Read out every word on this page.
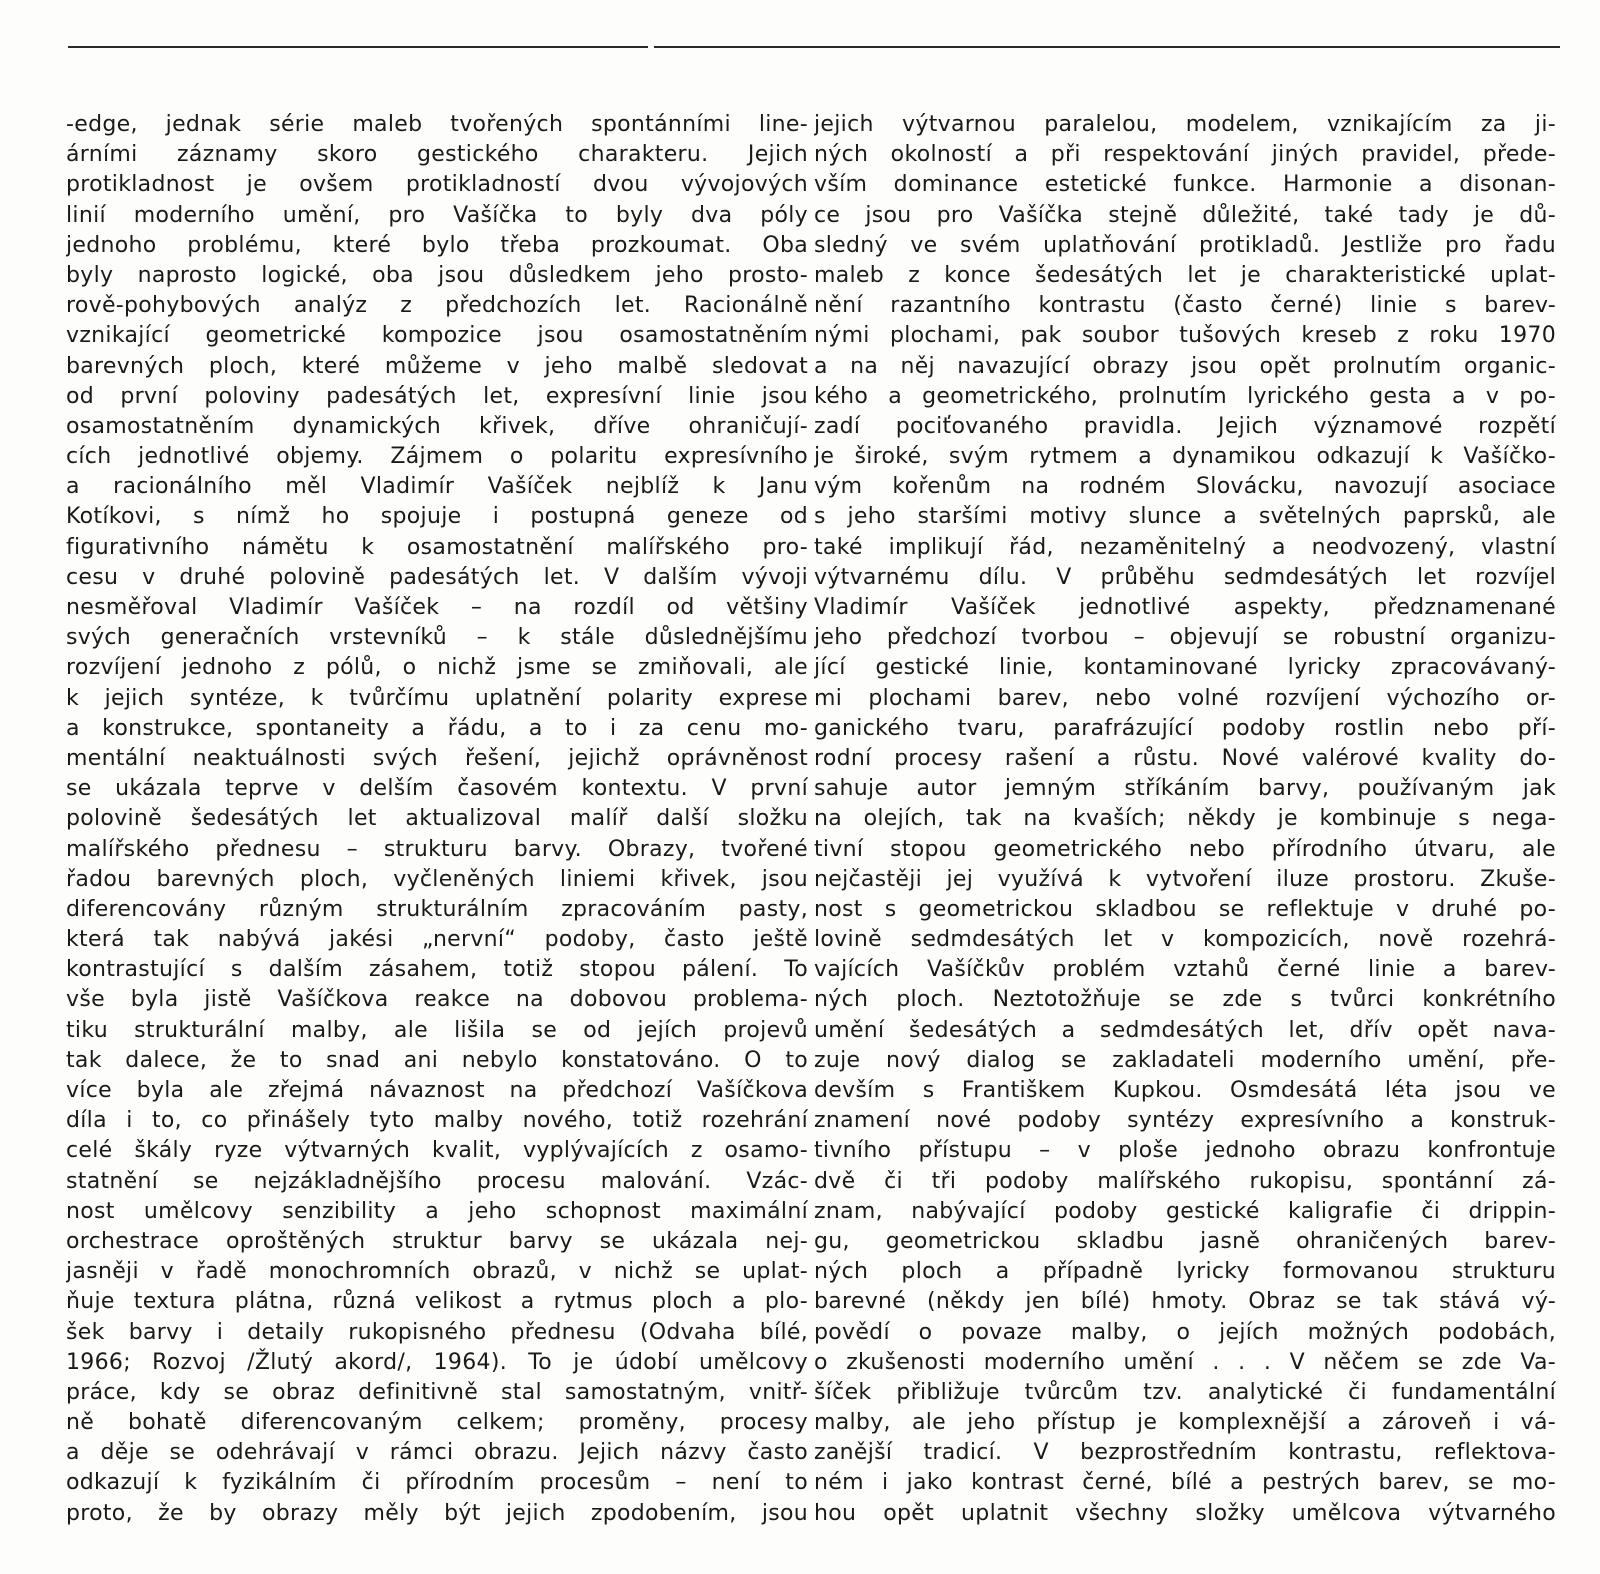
-edge, jednak série maleb tvořených spontánními line-
árními záznamy skoro gestického charakteru. Jejich
protikladnost je ovšem protikladností dvou vývojových
linií moderního umění, pro Vašíčka to byly dva póly
jednoho problému, které bylo třeba prozkoumat. Oba
byly naprosto logické, oba jsou důsledkem jeho prosto-
rově-pohybových analýz z předchozích let. Racionálně
vznikající geometrické kompozice jsou osamostatněním
barevných ploch, které můžeme v jeho malbě sledovat
od první poloviny padesátých let, expresívní linie jsou
osamostatněním dynamických křivek, dříve ohraničují-
cích jednotlivé objemy. Zájmem o polaritu expresívního
a racionálního měl Vladimír Vašíček nejblíž k Janu
Kotíkovi, s nímž ho spojuje i postupná geneze od
figurativního námětu k osamostatnění malířského pro-
cesu v druhé polovině padesátých let. V dalším vývoji
nesměřoval Vladimír Vašíček – na rozdíl od většiny
svých generačních vrstevníků – k stále důslednějšímu
rozvíjení jednoho z pólů, o nichž jsme se zmiňovali, ale
k jejich syntéze, k tvůrčímu uplatnění polarity exprese
a konstrukce, spontaneity a řádu, a to i za cenu mo-
mentální neaktuálnosti svých řešení, jejichž oprávněnost
se ukázala teprve v delším časovém kontextu. V první
polovině šedesátých let aktualizoval malíř další složku
malířského přednesu – strukturu barvy. Obrazy, tvořené
řadou barevných ploch, vyčleněných liniemi křivek, jsou
diferencovány různým strukturálním zpracováním pasty,
která tak nabývá jakési „nervní“ podoby, často ještě
kontrastující s dalším zásahem, totiž stopou pálení. To
vše byla jistě Vašíčkova reakce na dobovou problema-
tiku strukturální malby, ale lišila se od jejích projevů
tak dalece, že to snad ani nebylo konstatováno. O to
více byla ale zřejmá návaznost na předchozí Vašíčkova
díla i to, co přinášely tyto malby nového, totiž rozehrání
celé škály ryze výtvarných kvalit, vyplývajících z osamo-
statnění se nejzákladnějšího procesu malování. Vzác-
nost umělcovy senzibility a jeho schopnost maximální
orchestrace oproštěných struktur barvy se ukázala nej-
jasněji v řadě monochromních obrazů, v nichž se uplat-
ňuje textura plátna, různá velikost a rytmus ploch a plo-
šek barvy i detaily rukopisného přednesu (Odvaha bílé,
1966; Rozvoj /Žlutý akord/, 1964). To je údobí umělcovy
práce, kdy se obraz definitivně stal samostatným, vnitř-
ně bohatě diferencovaným celkem; proměny, procesy
a děje se odehrávají v rámci obrazu. Jejich názvy často
odkazují k fyzikálním či přírodním procesům – není to
proto, že by obrazy měly být jejich zpodobením, jsou
jejich výtvarnou paralelou, modelem, vznikajícím za ji-
ných okolností a při respektování jiných pravidel, přede-
vším dominance estetické funkce. Harmonie a disonan-
ce jsou pro Vašíčka stejně důležité, také tady je dů-
sledný ve svém uplatňování protikladů. Jestliže pro řadu
maleb z konce šedesátých let je charakteristické uplat-
nění razantního kontrastu (často černé) linie s barev-
nými plochami, pak soubor tušových kreseb z roku 1970
a na něj navazující obrazy jsou opět prolnutím organic-
kého a geometrického, prolnutím lyrického gesta a v po-
zadí pociťovaného pravidla. Jejich významové rozpětí
je široké, svým rytmem a dynamikou odkazují k Vašíčko-
vým kořenům na rodném Slovácku, navozují asociace
s jeho staršími motivy slunce a světelných paprsků, ale
také implikují řád, nezaměnitelný a neodvozený, vlastní
výtvarnému dílu. V průběhu sedmdesátých let rozvíjel
Vladimír Vašíček jednotlivé aspekty, předznamenané
jeho předchozí tvorbou – objevují se robustní organizu-
jící gestické linie, kontaminované lyricky zpracovávaný-
mi plochami barev, nebo volné rozvíjení výchozího or-
ganického tvaru, parafrázující podoby rostlin nebo pří-
rodní procesy rašení a růstu. Nové valérové kvality do-
sahuje autor jemným stříkáním barvy, používaným jak
na olejích, tak na kvaších; někdy je kombinuje s nega-
tivní stopou geometrického nebo přírodního útvaru, ale
nejčastěji jej využívá k vytvoření iluze prostoru. Zkuše-
nost s geometrickou skladbou se reflektuje v druhé po-
lovině sedmdesátých let v kompozicích, nově rozehrá-
vajících Vašíčkův problém vztahů černé linie a barev-
ných ploch. Neztotožňuje se zde s tvůrci konkrétního
umění šedesátých a sedmdesátých let, dřív opět nava-
zuje nový dialog se zakladateli moderního umění, pře-
devším s Františkem Kupkou. Osmdesátá léta jsou ve
znamení nové podoby syntézy expresívního a konstruk-
tivního přístupu – v ploše jednoho obrazu konfrontuje
dvě či tři podoby malířského rukopisu, spontánní zá-
znam, nabývající podoby gestické kaligrafie či drippin-
gu, geometrickou skladbu jasně ohraničených barev-
ných ploch a případně lyricky formovanou strukturu
barevné (někdy jen bílé) hmoty. Obraz se tak stává vý-
povědí o povaze malby, o jejích možných podobách,
o zkušenosti moderního umění . . . V něčem se zde Va-
šíček přibližuje tvůrcům tzv. analytické či fundamentální
malby, ale jeho přístup je komplexnější a zároveň i vá-
zanější tradicí. V bezprostředním kontrastu, reflektova-
ném i jako kontrast černé, bílé a pestrých barev, se mo-
hou opět uplatnit všechny složky umělcova výtvarného
